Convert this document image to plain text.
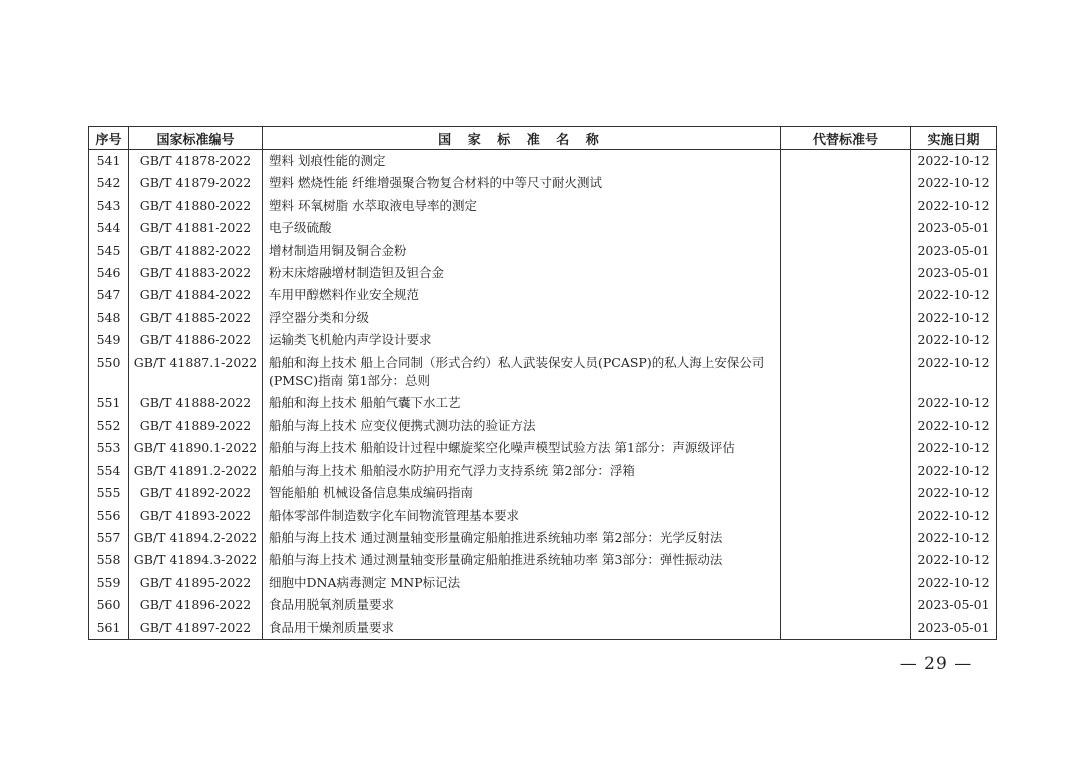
序号	国家标准编号	国 家 标 准 名 称	代替标准号	实施日期
541	GB/T 41878-2022	塑料 划痕性能的测定		2022-10-12
542	GB/T 41879-2022	塑料 燃烧性能 纤维增强聚合物复合材料的中等尺寸耐火测试		2022-10-12
543	GB/T 41880-2022	塑料 环氧树脂 水萃取液电导率的测定		2022-10-12
544	GB/T 41881-2022	电子级硫酸		2023-05-01
545	GB/T 41882-2022	增材制造用铜及铜合金粉		2023-05-01
546	GB/T 41883-2022	粉末床熔融增材制造钽及钽合金		2023-05-01
547	GB/T 41884-2022	车用甲醇燃料作业安全规范		2022-10-12
548	GB/T 41885-2022	浮空器分类和分级		2022-10-12
549	GB/T 41886-2022	运输类飞机舱内声学设计要求		2022-10-12
550	GB/T 41887.1-2022	船舶和海上技术 船上合同制（形式合约）私人武装保安人员(PCASP)的私人海上安保公司(PMSC)指南 第1部分：总则		2022-10-12
551	GB/T 41888-2022	船舶和海上技术 船舶气囊下水工艺		2022-10-12
552	GB/T 41889-2022	船舶与海上技术 应变仪便携式测功法的验证方法		2022-10-12
553	GB/T 41890.1-2022	船舶与海上技术 船舶设计过程中螺旋桨空化噪声模型试验方法 第1部分：声源级评估		2022-10-12
554	GB/T 41891.2-2022	船舶与海上技术 船舶浸水防护用充气浮力支持系统 第2部分：浮箱		2022-10-12
555	GB/T 41892-2022	智能船舶 机械设备信息集成编码指南		2022-10-12
556	GB/T 41893-2022	船体零部件制造数字化车间物流管理基本要求		2022-10-12
557	GB/T 41894.2-2022	船舶与海上技术 通过测量轴变形量确定船舶推进系统轴功率 第2部分：光学反射法		2022-10-12
558	GB/T 41894.3-2022	船舶与海上技术 通过测量轴变形量确定船舶推进系统轴功率 第3部分：弹性振动法		2022-10-12
559	GB/T 41895-2022	细胞中DNA病毒测定 MNP标记法		2022-10-12
560	GB/T 41896-2022	食品用脱氧剂质量要求		2023-05-01
561	GB/T 41897-2022	食品用干燥剂质量要求		2023-05-01
— 29 —
